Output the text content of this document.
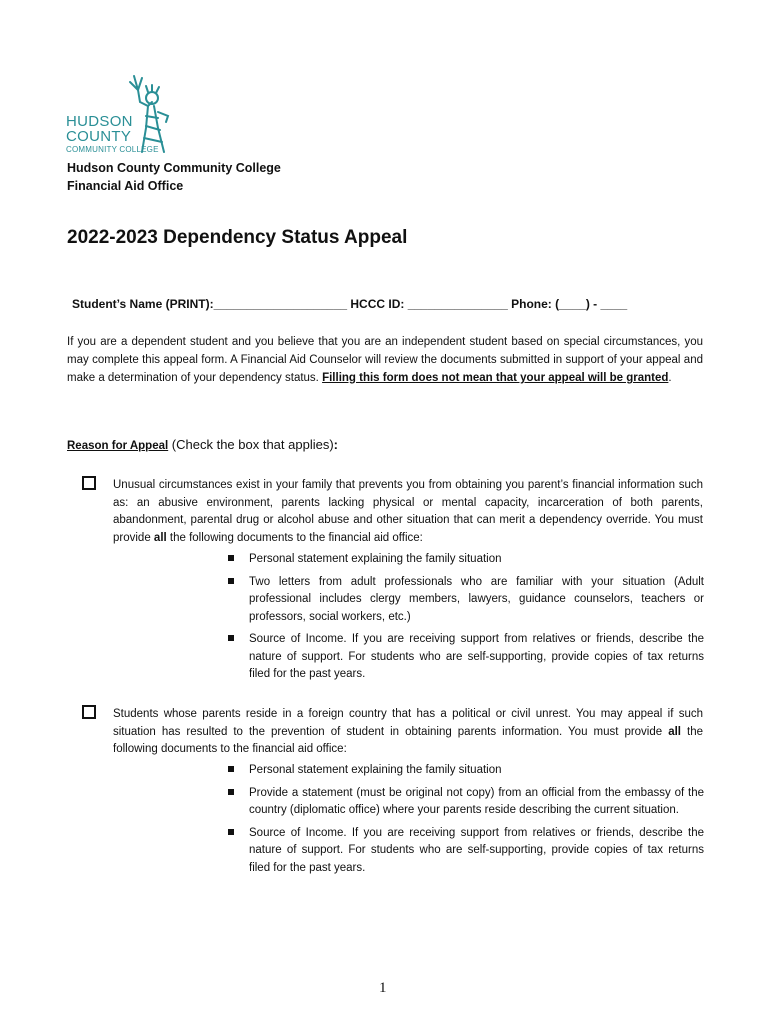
HUDSON
COUNTY
COMMUNITY COLLEGE
Hudson County Community College
Financial Aid Office
2022-2023 Dependency Status Appeal
Student’s Name (PRINT):____________________ HCCC ID: _______________ Phone: (____) - ____
If you are a dependent student and you believe that you are an independent student based on special circumstances, you may complete this appeal form. A Financial Aid Counselor will review the documents submitted in support of your appeal and make a determination of your dependency status. Filling this form does not mean that your appeal will be granted.
Reason for Appeal (Check the box that applies):
Unusual circumstances exist in your family that prevents you from obtaining you parent’s financial information such as: an abusive environment, parents lacking physical or mental capacity, incarceration of both parents, abandonment, parental drug or alcohol abuse and other situation that can merit a dependency override. You must provide all the following documents to the financial aid office:
Personal statement explaining the family situation
Two letters from adult professionals who are familiar with your situation (Adult professional includes clergy members, lawyers, guidance counselors, teachers or professors, social workers, etc.)
Source of Income. If you are receiving support from relatives or friends, describe the nature of support. For students who are self-supporting, provide copies of tax returns filed for the past years.
Students whose parents reside in a foreign country that has a political or civil unrest. You may appeal if such situation has resulted to the prevention of student in obtaining parents information. You must provide all the following documents to the financial aid office:
Personal statement explaining the family situation
Provide a statement (must be original not copy) from an official from the embassy of the country (diplomatic office) where your parents reside describing the current situation.
Source of Income. If you are receiving support from relatives or friends, describe the nature of support. For students who are self-supporting, provide copies of tax returns filed for the past years.
1
